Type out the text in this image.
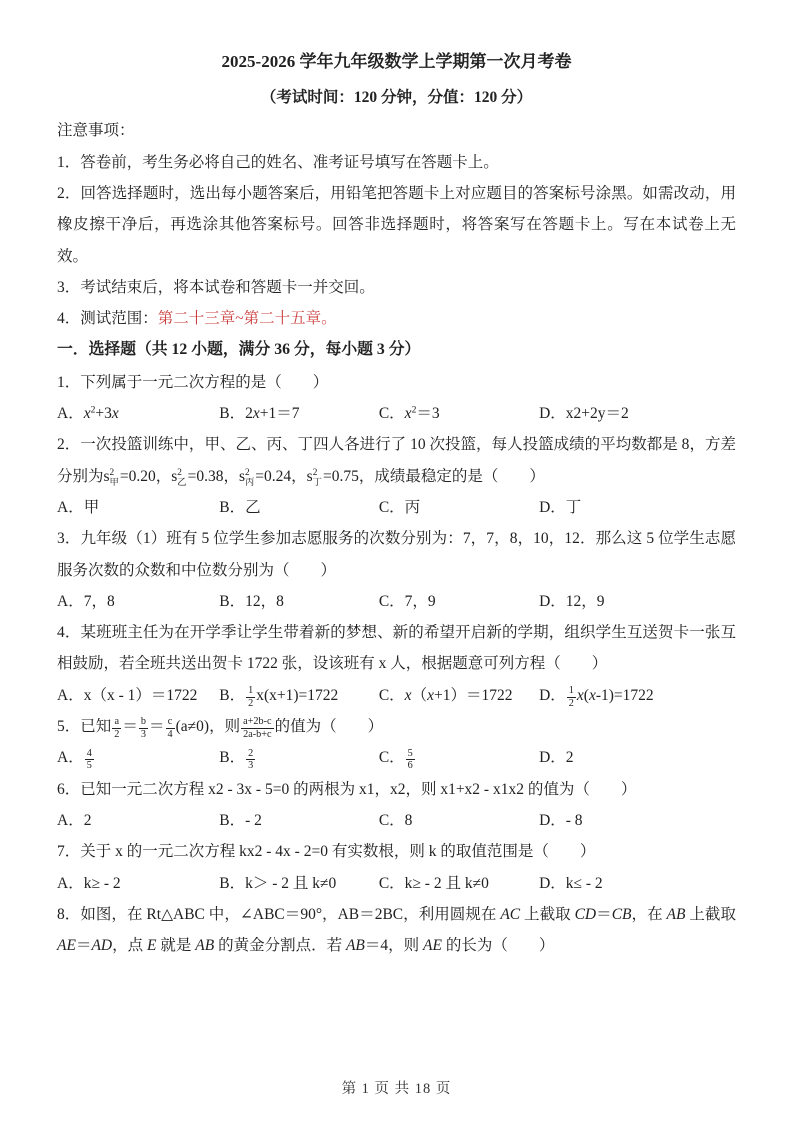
2025-2026 学年九年级数学上学期第一次月考卷
（考试时间：120 分钟，分值：120 分）
注意事项：

1．答卷前，考生务必将自己的姓名、准考证号填写在答题卡上。

2．回答选择题时，选出每小题答案后，用铅笔把答题卡上对应题目的答案标号涂黑。如需改动，用橡皮擦干净后，再选涂其他答案标号。回答非选择题时，将答案写在答题卡上。写在本试卷上无效。

3．考试结束后，将本试卷和答题卡一并交回。

4．测试范围：第二十三章~第二十五章。

一．选择题（共 12 小题，满分 36 分，每小题 3 分）

1．下列属于一元二次方程的是（　　）

A．$x^2+3x$	B．2x+1＝7	C．$x^2=3$	D．x2+2y＝2

2．一次投篮训练中，甲、乙、丙、丁四人各进行了 10 次投篮，每人投篮成绩的平均数都是 8，方差分别为s 2
甲 =0.20，s 2
乙 =0.38，s 2
丙 =0.24，s 2
丁 =0.75，成绩最稳定的是（　　）

A．甲	B．乙	C．丙	D．丁

3．九年级（1）班有 5 位学生参加志愿服务的次数分别为：7，7，8，10，12．那么这 5 位学生志愿服务次数的众数和中位数分别为（　　）

A．7，8	B．12，8	C．7，9	D．12，9

4．某班班主任为在开学季让学生带着新的梦想、新的希望开启新的学期，组织学生互送贺卡一张互相鼓励，若全班共送出贺卡 1722 张，设该班有 x 人，根据题意可列方程（　　）

A．x（x - 1）＝1722	B． $\frac{1}{2} x(x+1)=1722$	C．x（x+1）＝1722	D． $\frac{1}{2} x(x-1)=1722$

5．已知 $\frac{a}{2} = \frac{b}{3} = \frac{c}{4} (a\ne 0)$，则 $\frac{a+2b-c}{2a-b+c}$ 的值为（　　）

A． $\frac{4}{5}$	B． $\frac{2}{3}$	C． $\frac{5}{6}$	D．2

6．已知一元二次方程 x2 - 3x - 5=0 的两根为 x1，x2，则 x1+x2 - x1x2 的值为（　　）

A．2	B．- 2	C．8	D．- 8

7．关于 x 的一元二次方程 kx2 - 4x - 2=0 有实数根，则 k 的取值范围是（　　）

A．k≥ - 2	B．k＞ - 2 且 k≠0	C．k≥ - 2 且 k≠0	D．k≤ - 2

8．如图，在 Rt△ABC 中，∠ABC＝90°，AB＝2BC，利用圆规在 AC 上截取 CD＝CB，在 AB 上截取 AE＝AD，点 E 就是 AB 的黄金分割点．若 AB＝4，则 AE 的长为（　　）

第 1 页 共 18 页
